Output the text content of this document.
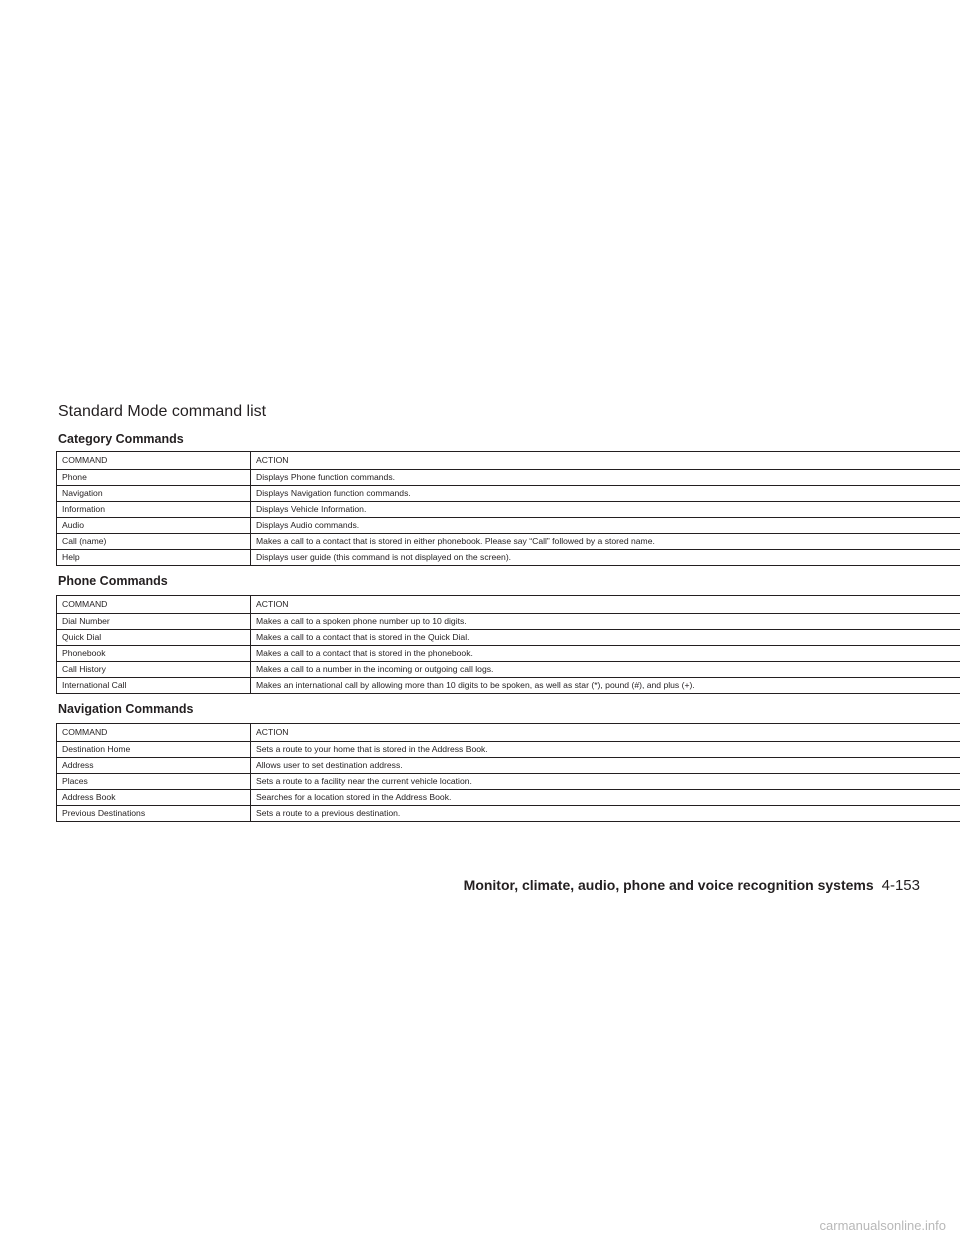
Standard Mode command list
Category Commands
COMMAND	ACTION
Phone	Displays Phone function commands.
Navigation	Displays Navigation function commands.
Information	Displays Vehicle Information.
Audio	Displays Audio commands.
Call (name)	Makes a call to a contact that is stored in either phonebook. Please say “Call” followed by a stored name.
Help	Displays user guide (this command is not displayed on the screen).
Phone Commands
COMMAND	ACTION
Dial Number	Makes a call to a spoken phone number up to 10 digits.
Quick Dial	Makes a call to a contact that is stored in the Quick Dial.
Phonebook	Makes a call to a contact that is stored in the phonebook.
Call History	Makes a call to a number in the incoming or outgoing call logs.
International Call	Makes an international call by allowing more than 10 digits to be spoken, as well as star (*), pound (#), and plus (+).
Navigation Commands
COMMAND	ACTION
Destination Home	Sets a route to your home that is stored in the Address Book.
Address	Allows user to set destination address.
Places	Sets a route to a facility near the current vehicle location.
Address Book	Searches for a location stored in the Address Book.
Previous Destinations	Sets a route to a previous destination.
Monitor, climate, audio, phone and voice recognition systems 4-153
carmanualsonline.info
